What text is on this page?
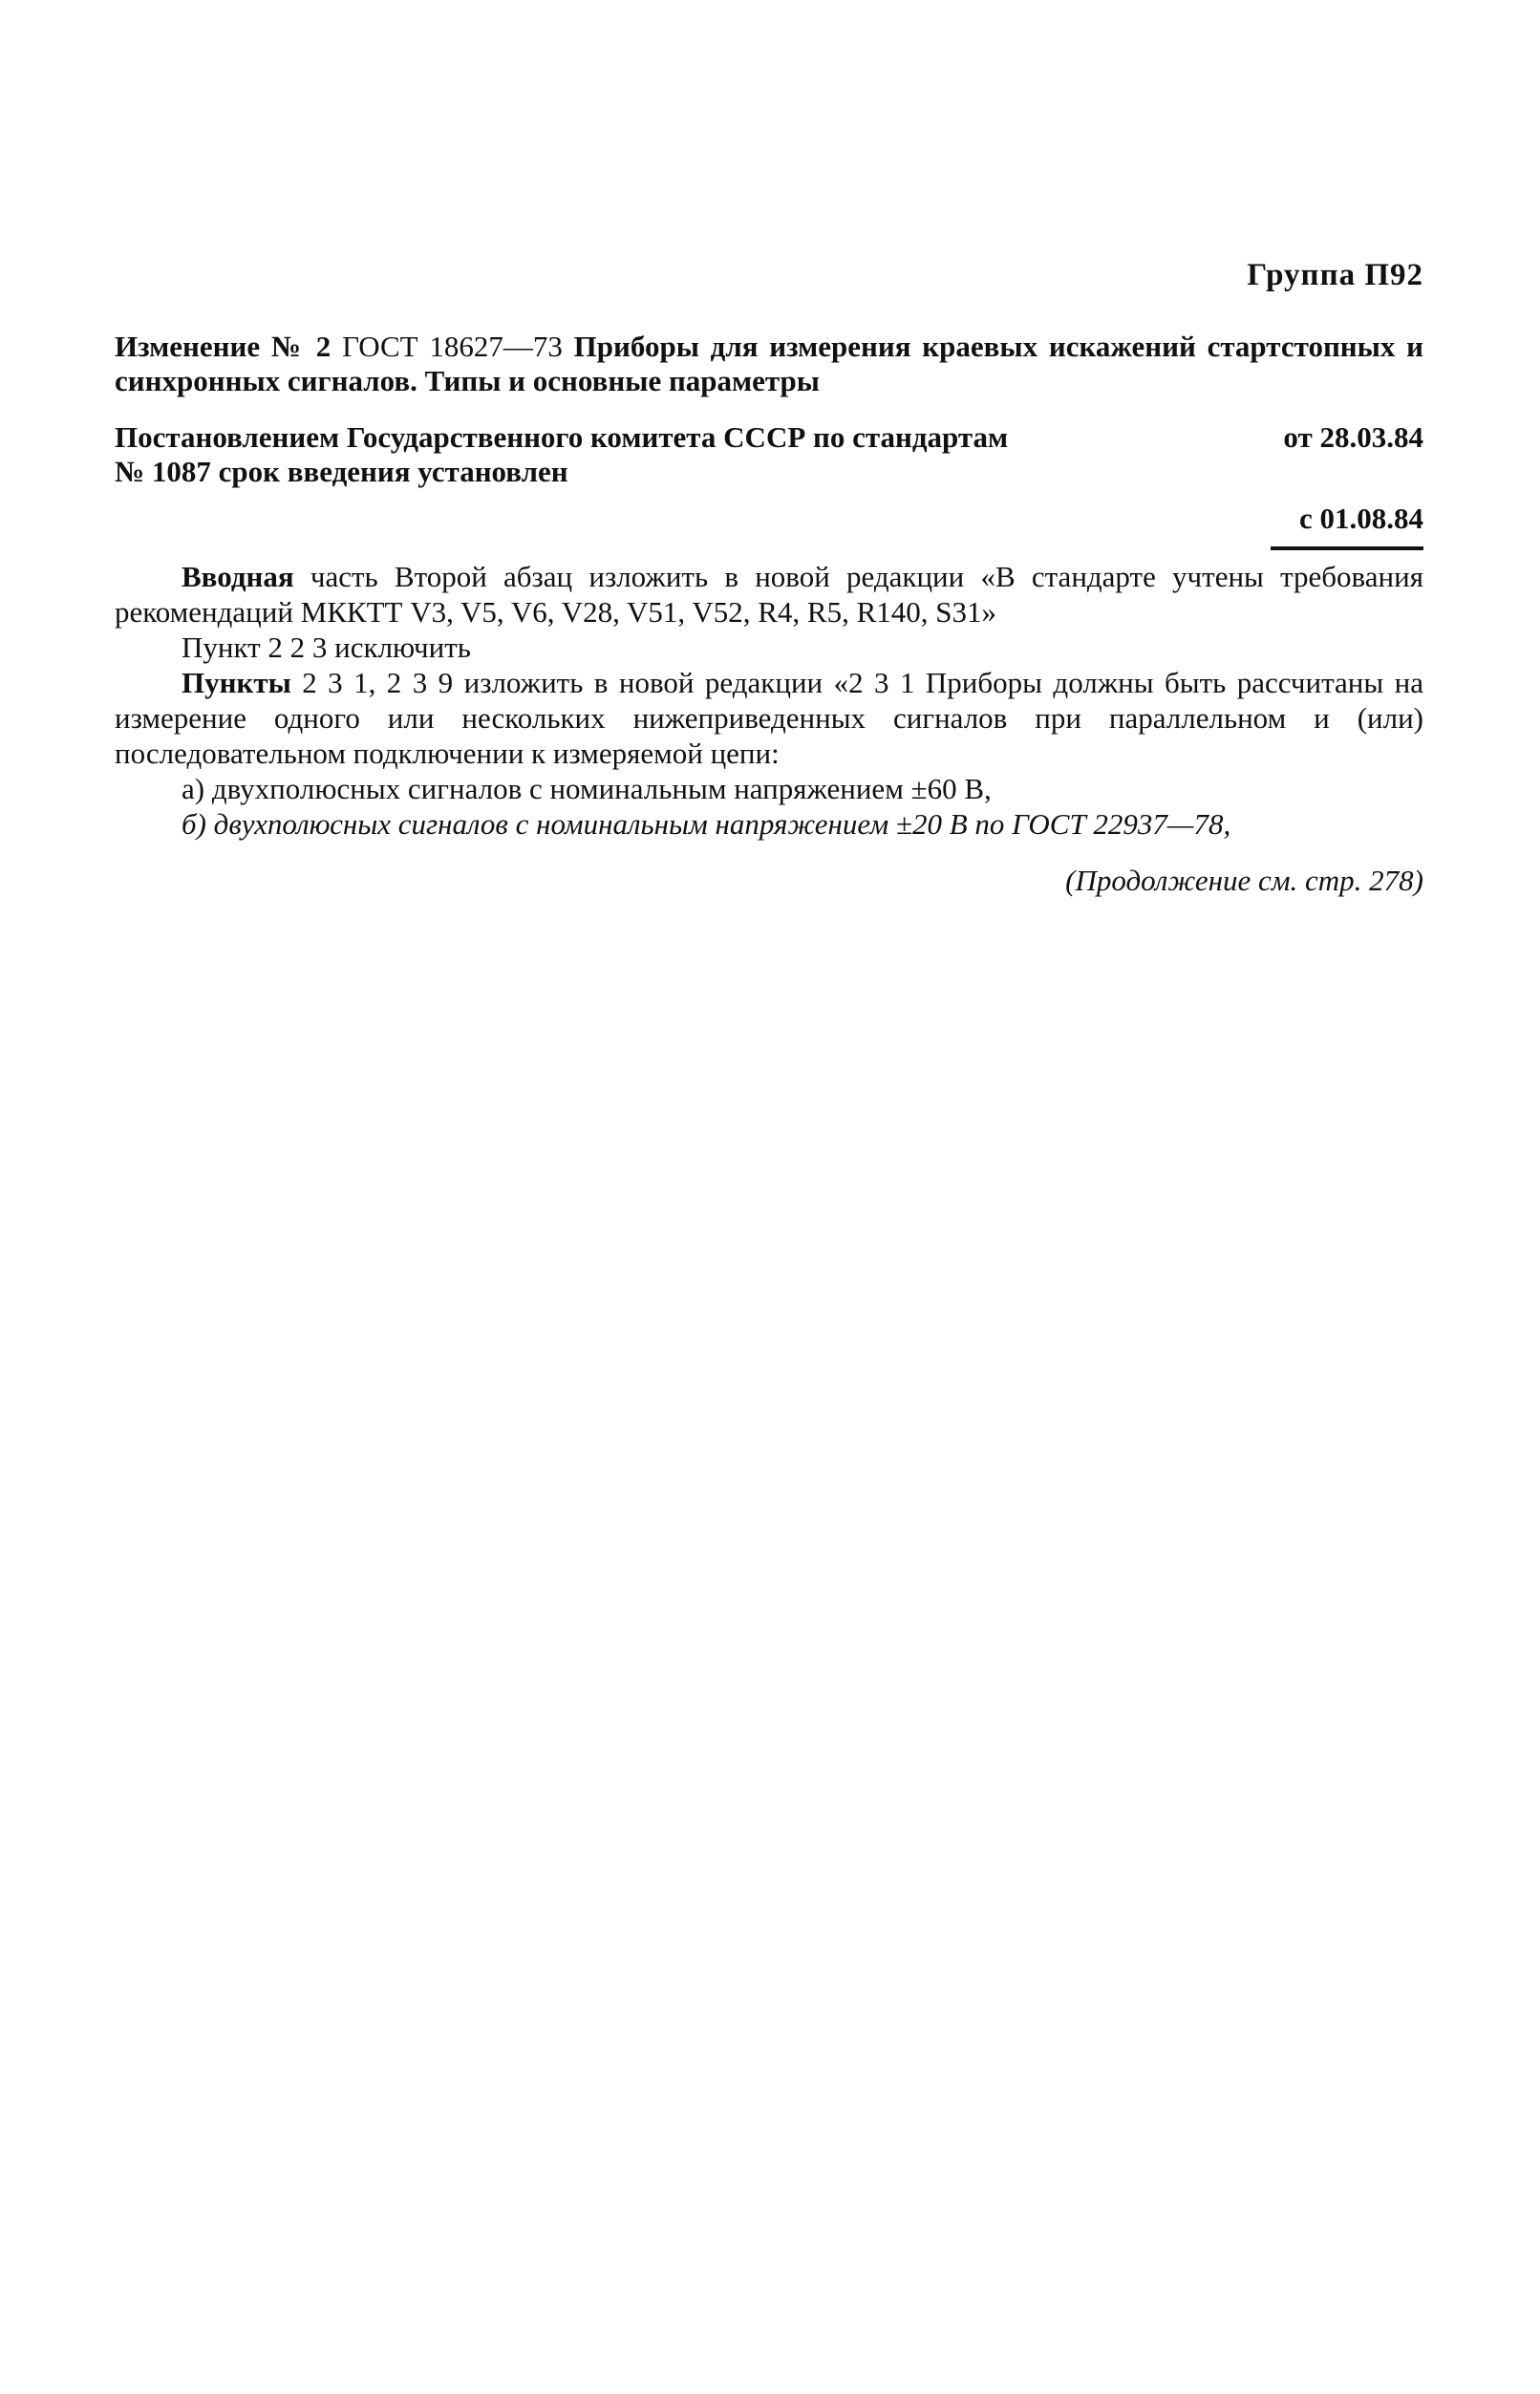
Группа П92
Изменение № 2 ГОСТ 18627—73 Приборы для измерения краевых искажений стартстопных и синхронных сигналов. Типы и основные параметры
Постановлением Государственного комитета СССР по стандартам	от 28.03.84
№ 1087 срок введения установлен
с 01.08.84

Вводная часть Второй абзац изложить в новой редакции «В стандарте учтены требования рекомендаций МККТТ V3, V5, V6, V28, V51, V52, R4, R5, R140, S31»

Пункт 2 2 3 исключить

Пункты 2 3 1, 2 3 9 изложить в новой редакции «2 3 1 Приборы должны быть рассчитаны на измерение одного или нескольких нижеприведенных сигналов при параллельном и (или) последовательном подключении к измеряемой цепи:

а) двухполюсных сигналов с номинальным напряжением ±60 В,

б) двухполюсных сигналов с номинальным напряжением ±20 В по ГОСТ 22937—78,

(Продолжение см. стр. 278)
